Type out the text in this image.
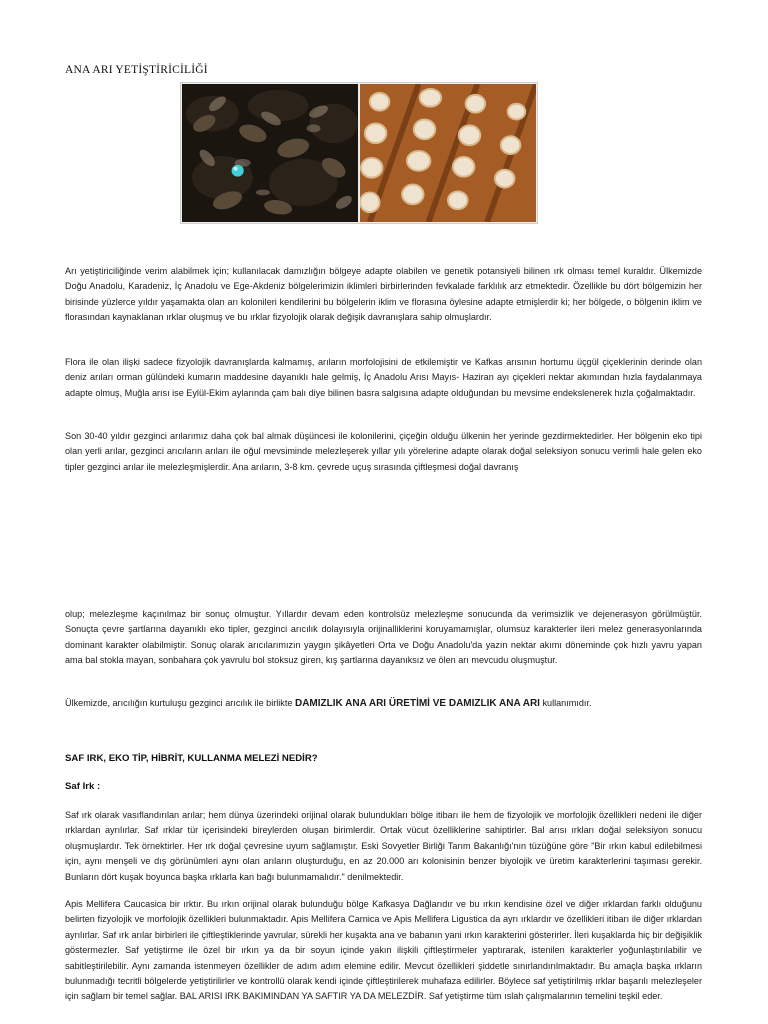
ANA ARI YETİŞTİRİCİLİĞİ

Arı yetiştiriciliğinde verim alabilmek için; kullanılacak damızlığın bölgeye adapte olabilen ve genetik potansiyeli bilinen ırk olması temel kuraldır. Ülkemizde Doğu Anadolu, Karadeniz, İç Anadolu ve Ege-Akdeniz bölgelerimizin iklimleri birbirlerinden fevkalade farklılık arz etmektedir. Özellikle bu dört bölgemizin her birisinde yüzlerce yıldır yaşamakta olan arı kolonileri kendilerini bu bölgelerin iklim ve florasına öylesine adapte etmişlerdir ki; her bölgede, o bölgenin iklim ve florasından kaynaklanan ırklar oluşmuş ve bu ırklar fizyolojik olarak değişik davranışlara sahip olmuşlardır.

Flora ile olan ilişki sadece fizyolojik davranışlarda kalmamış, arıların morfolojisini de etkilemiştir ve Kafkas arısının hortumu üçgül çiçeklerinin derinde olan deniz arıları orman gülündeki kumarın maddesine dayanıklı hale gelmiş, İç Anadolu Arısı Mayıs- Haziran ayı çiçekleri nektar akımından hızla faydalanmaya adapte olmuş, Muğla arısı ise Eylül-Ekim aylarında çam balı diye bilinen basra salgısına adapte olduğundan bu mevsime endekslenerek hızla çoğalmaktadır.

Son 30-40 yıldır gezginci arılarımız daha çok bal almak düşüncesi ile kolonilerini, çiçeğin olduğu ülkenin her yerinde gezdirmektedirler. Her bölgenin eko tipi olan yerli arılar, gezginci arıcıların arıları ile oğul mevsiminde melezleşerek yıllar yılı yörelerine adapte olarak doğal seleksiyon sonucu verimli hale gelen eko tipler gezginci arılar ile melezleşmişlerdir. Ana arıların, 3-8 km. çevrede uçuş sırasında çiftleşmesi doğal davranış

olup; melezleşme kaçınılmaz bir sonuç olmuştur. Yıllardır devam eden kontrolsüz melezleşme sonucunda da verimsizlik ve dejenerasyon görülmüştür. Sonuçta çevre şartlarına dayanıklı eko tipler, gezginci arıcılık dolayısıyla orijinalliklerini koruyamamışlar, olumsuz karakterler ileri melez generasyonlarında dominant karakter olabilmiştir. Sonuç olarak arıcılarımızın yaygın şikâyetleri Orta ve Doğu Anadolu'da yazın nektar akımı döneminde çok hızlı yavru yapan ama bal stokla mayan, sonbahara çok yavrulu bol stoksuz giren, kış şartlarına dayanıksız ve ölen arı mevcudu oluşmuştur.

Ülkemizde, arıcılığın kurtuluşu gezginci arıcılık ile birlikte DAMIZLIK ANA ARI ÜRETİMİ VE DAMIZLIK ANA ARI kullanımıdır.

SAF IRK, EKO TİP, HİBRİT, KULLANMA MELEZİ NEDİR?
Saf Irk :

Saf ırk olarak vasıflandırılan arılar; hem dünya üzerindeki orijinal olarak bulundukları bölge itibarı ile hem de fizyolojik ve morfolojik özellikleri nedeni ile diğer ırklardan ayrılırlar. Saf ırklar tür içerisindeki bireylerden oluşan birimlerdir. Ortak vücut özelliklerine sahiptirler. Bal arısı ırkları doğal seleksiyon sonucu oluşmuşlardır. Tek örnektirler. Her ırk doğal çevresine uyum sağlamıştır. Eski Sovyetler Birliği Tarım Bakanlığı'nın tüzüğüne göre "Bir ırkın kabul edilebilmesi için, aynı menşeli ve dış görünümleri aynı olan arıların oluşturduğu, en az 20.000 arı kolonisinin benzer biyolojik ve üretim karakterlerini taşıması gerekir. Bunların dört kuşak boyunca başka ırklarla kan bağı bulunmamalıdır." denilmektedir.

Apis Mellifera Caucasica bir ırktır. Bu ırkın orijinal olarak bulunduğu bölge Kafkasya Dağlarıdır ve bu ırkın kendisine özel ve diğer ırklardan farklı olduğunu belirten fizyolojik ve morfolojik özellikleri bulunmaktadır. Apis Mellifera Carnica ve Apis Mellifera Ligustica da ayrı ırklardır ve özellikleri itibarı ile diğer ırklardan ayrılırlar. Saf ırk arılar birbirleri ile çiftleştiklerinde yavrular, sürekli her kuşakta ana ve babanın yani ırkın karakterini gösterirler. İleri kuşaklarda hiç bir değişiklik göstermezler. Saf yetiştirme ile özel bir ırkın ya da bir soyun içinde yakın ilişkili çiftleştirmeler yaptırarak, istenilen karakterler yoğunlaştırılabilir ve sabitleştirilebilir. Aynı zamanda istenmeyen özellikler de adım adım elemine edilir. Mevcut özellikleri şiddetle sınırlandırılmaktadır. Bu amaçla başka ırkların bulunmadığı tecritli bölgelerde yetiştirilirler ve kontrollü olarak kendi içinde çiftleştirilerek muhafaza edilirler. Böylece saf yetiştirilmiş ırklar başarılı melezleşeler için sağlam bir temel sağlar. BAL ARISI IRK BAKIMINDAN YA SAFTIR YA DA MELEZDİR. Saf yetiştirme tüm ıslah çalışmalarının temelini teşkil eder.
